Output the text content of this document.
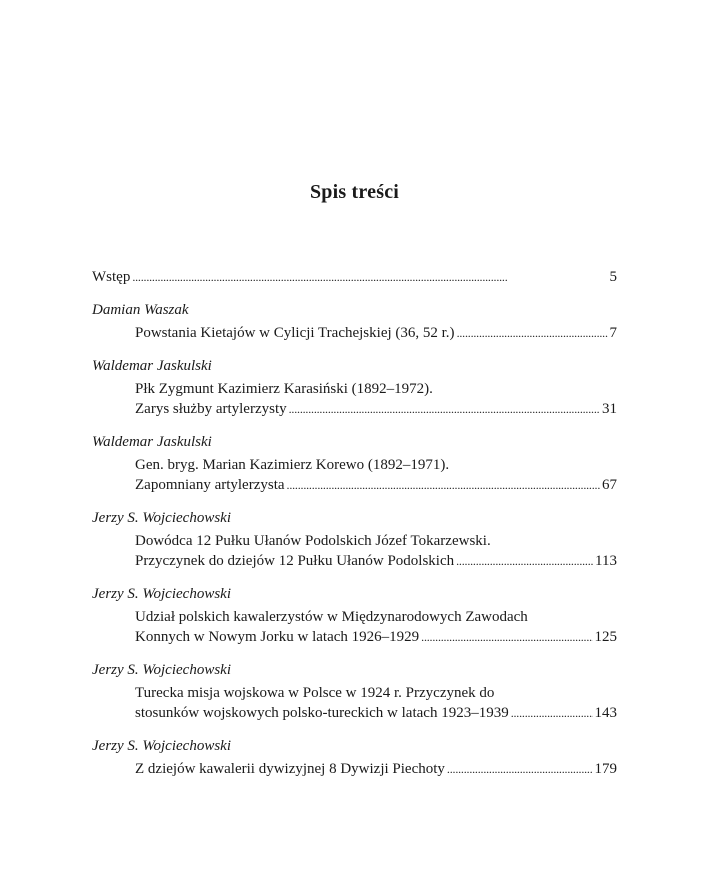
Spis treści
Wstęp . . .	5
Damian Waszak
Powstania Kietajów w Cylicji Trachejskiej (36, 52 r.) . . .	7
Waldemar Jaskulski
Płk Zygmunt Kazimierz Karasiński (1892–1972).
Zarys służby artylerzysty . . .	31
Waldemar Jaskulski
Gen. bryg. Marian Kazimierz Korewo (1892–1971).
Zapomniany artylerzysta . . .	67
Jerzy S. Wojciechowski
Dowódca 12 Pułku Ułanów Podolskich Józef Tokarzewski.
Przyczynek do dziejów 12 Pułku Ułanów Podolskich . . .	113
Jerzy S. Wojciechowski
Udział polskich kawalerzystów w Międzynarodowych Zawodach
Konnych w Nowym Jorku w latach 1926–1929 . . .	125
Jerzy S. Wojciechowski
Turecka misja wojskowa w Polsce w 1924 r. Przyczynek do
stosunków wojskowych polsko-tureckich w latach 1923–1939 . . .	143
Jerzy S. Wojciechowski
Z dziejów kawalerii dywizyjnej 8 Dywizji Piechoty . . .	179
